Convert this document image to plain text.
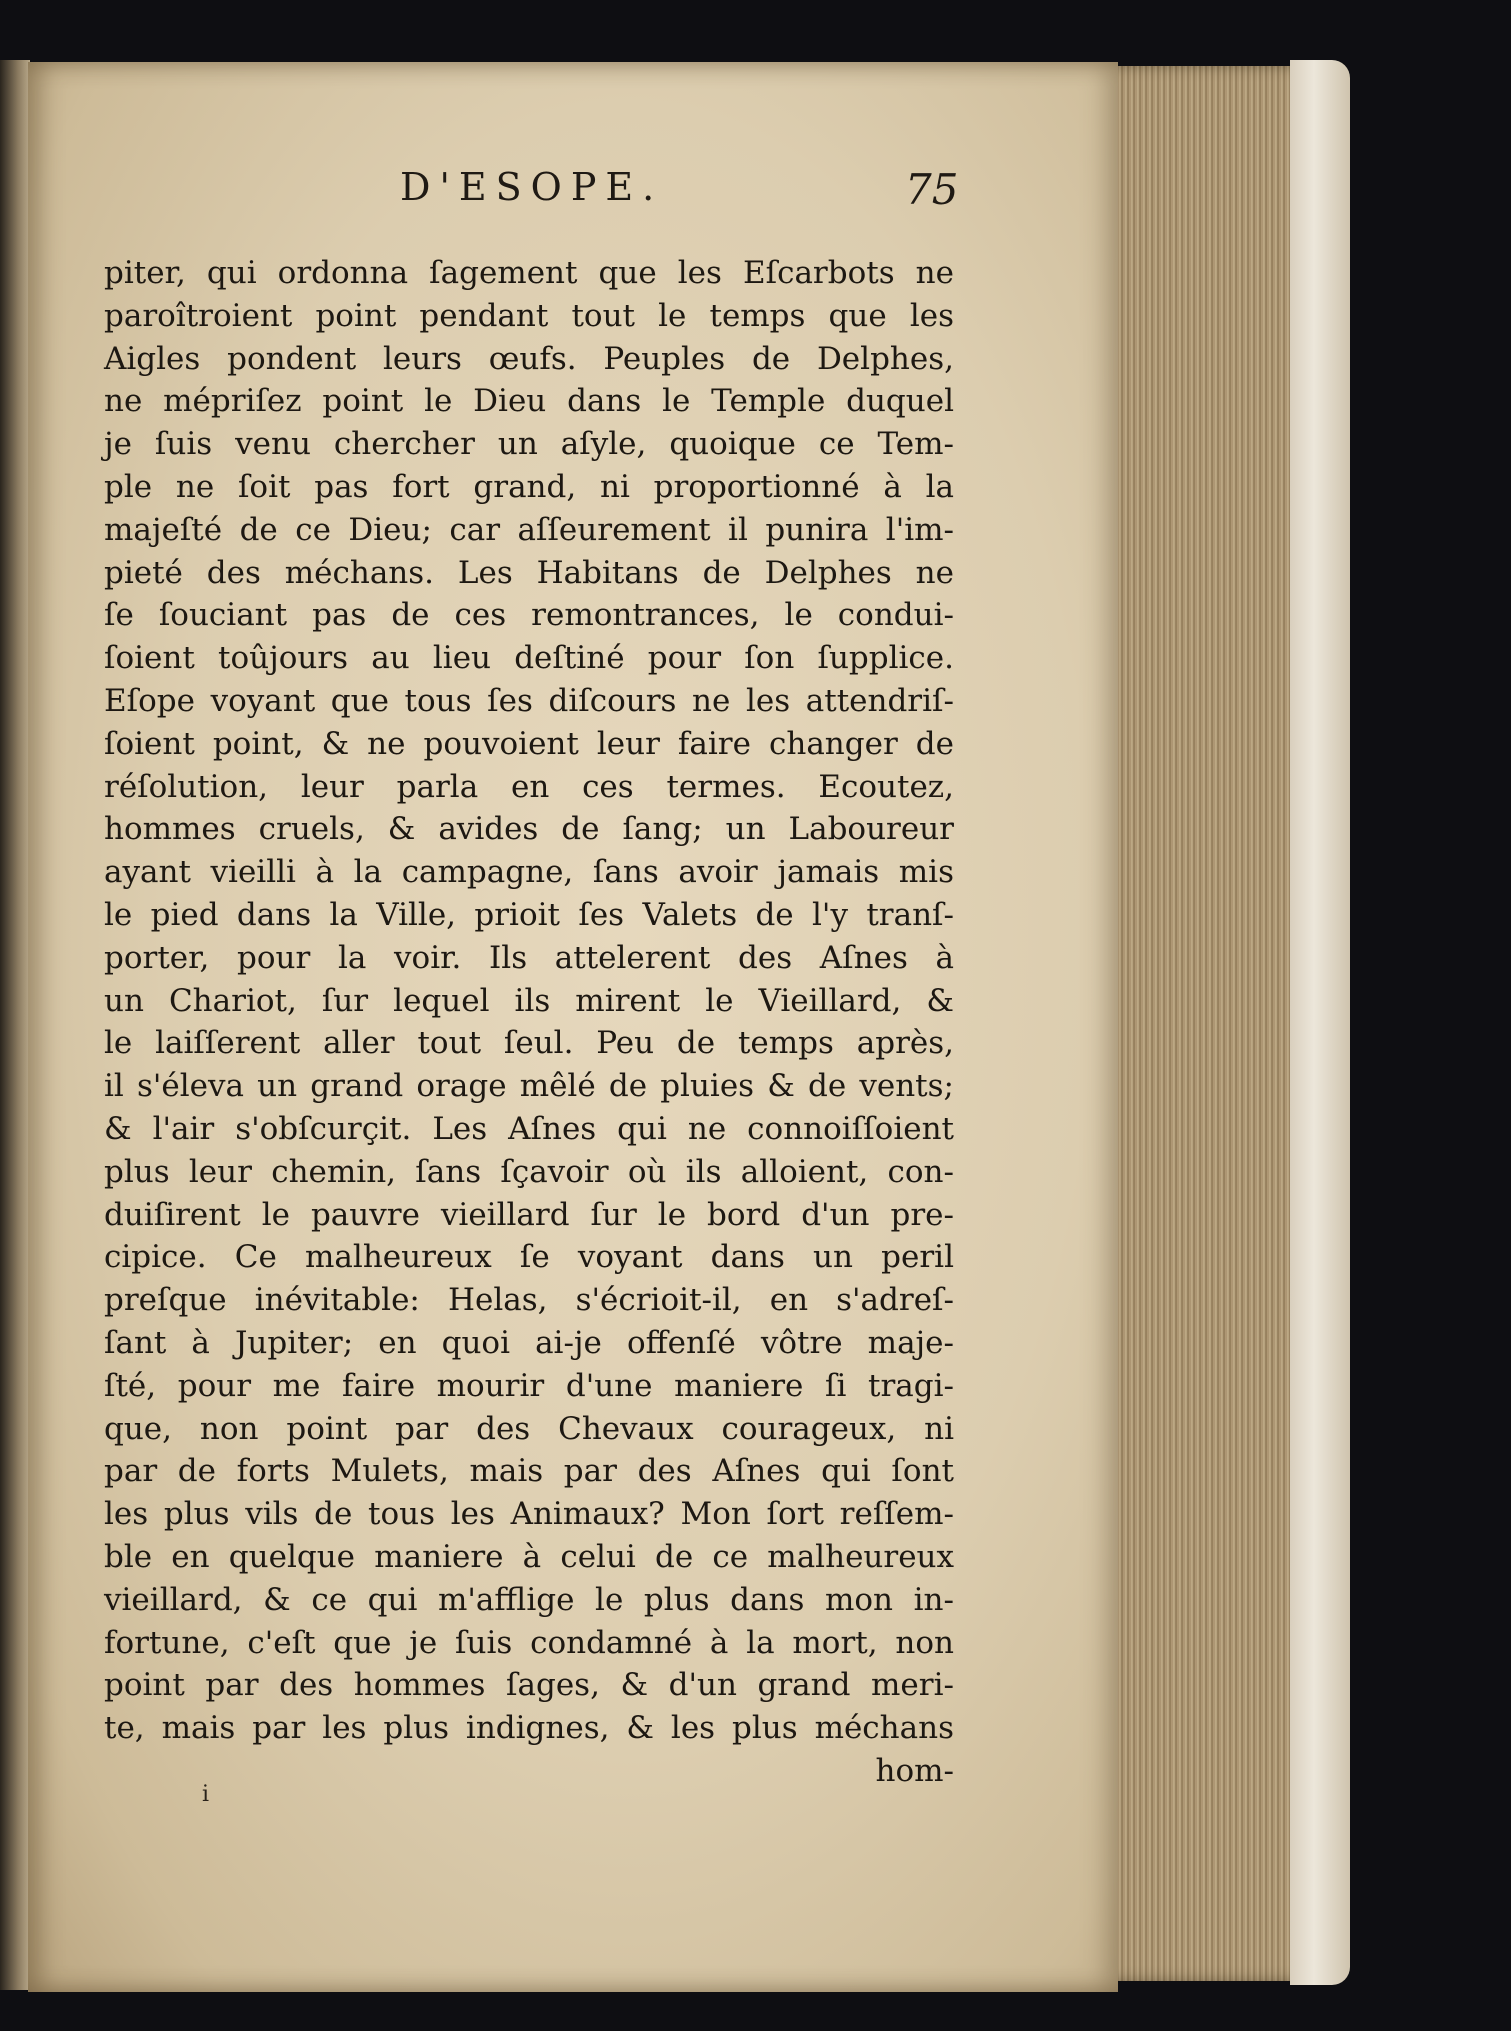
D'ESOPE.	75
piter, qui ordonna ſagement que les Eſcarbots ne
paroîtroient point pendant tout le temps que les
Aigles pondent leurs œufs. Peuples de Delphes,
ne mépriſez point le Dieu dans le Temple duquel
je ſuis venu chercher un aſyle, quoique ce Tem-
ple ne ſoit pas fort grand, ni proportionné à la
majeſté de ce Dieu; car aſſeurement il punira l'im-
pieté des méchans. Les Habitans de Delphes ne
ſe ſouciant pas de ces remontrances, le condui-
ſoient toûjours au lieu deſtiné pour ſon ſupplice.
Eſope voyant que tous ſes diſcours ne les attendriſ-
ſoient point, & ne pouvoient leur faire changer de
réſolution, leur parla en ces termes. Ecoutez,
hommes cruels, & avides de ſang; un Laboureur
ayant vieilli à la campagne, ſans avoir jamais mis
le pied dans la Ville, prioit ſes Valets de l'y tranſ-
porter, pour la voir. Ils attelerent des Aſnes à
un Chariot, ſur lequel ils mirent le Vieillard, &
le laiſſerent aller tout ſeul. Peu de temps après,
il s'éleva un grand orage mêlé de pluies & de vents;
& l'air s'obſcurçit. Les Aſnes qui ne connoiſſoient
plus leur chemin, ſans ſçavoir où ils alloient, con-
duiſirent le pauvre vieillard ſur le bord d'un pre-
cipice. Ce malheureux ſe voyant dans un peril
preſque inévitable: Helas, s'écrioit-il, en s'adreſ-
ſant à Jupiter; en quoi ai-je offenſé vôtre maje-
ſté, pour me faire mourir d'une maniere ſi tragi-
que, non point par des Chevaux courageux, ni
par de forts Mulets, mais par des Aſnes qui ſont
les plus vils de tous les Animaux? Mon ſort reſſem-
ble en quelque maniere à celui de ce malheureux
vieillard, & ce qui m'afflige le plus dans mon in-
fortune, c'eſt que je ſuis condamné à la mort, non
point par des hommes ſages, & d'un grand meri-
te, mais par les plus indignes, & les plus méchans
hom-
i
